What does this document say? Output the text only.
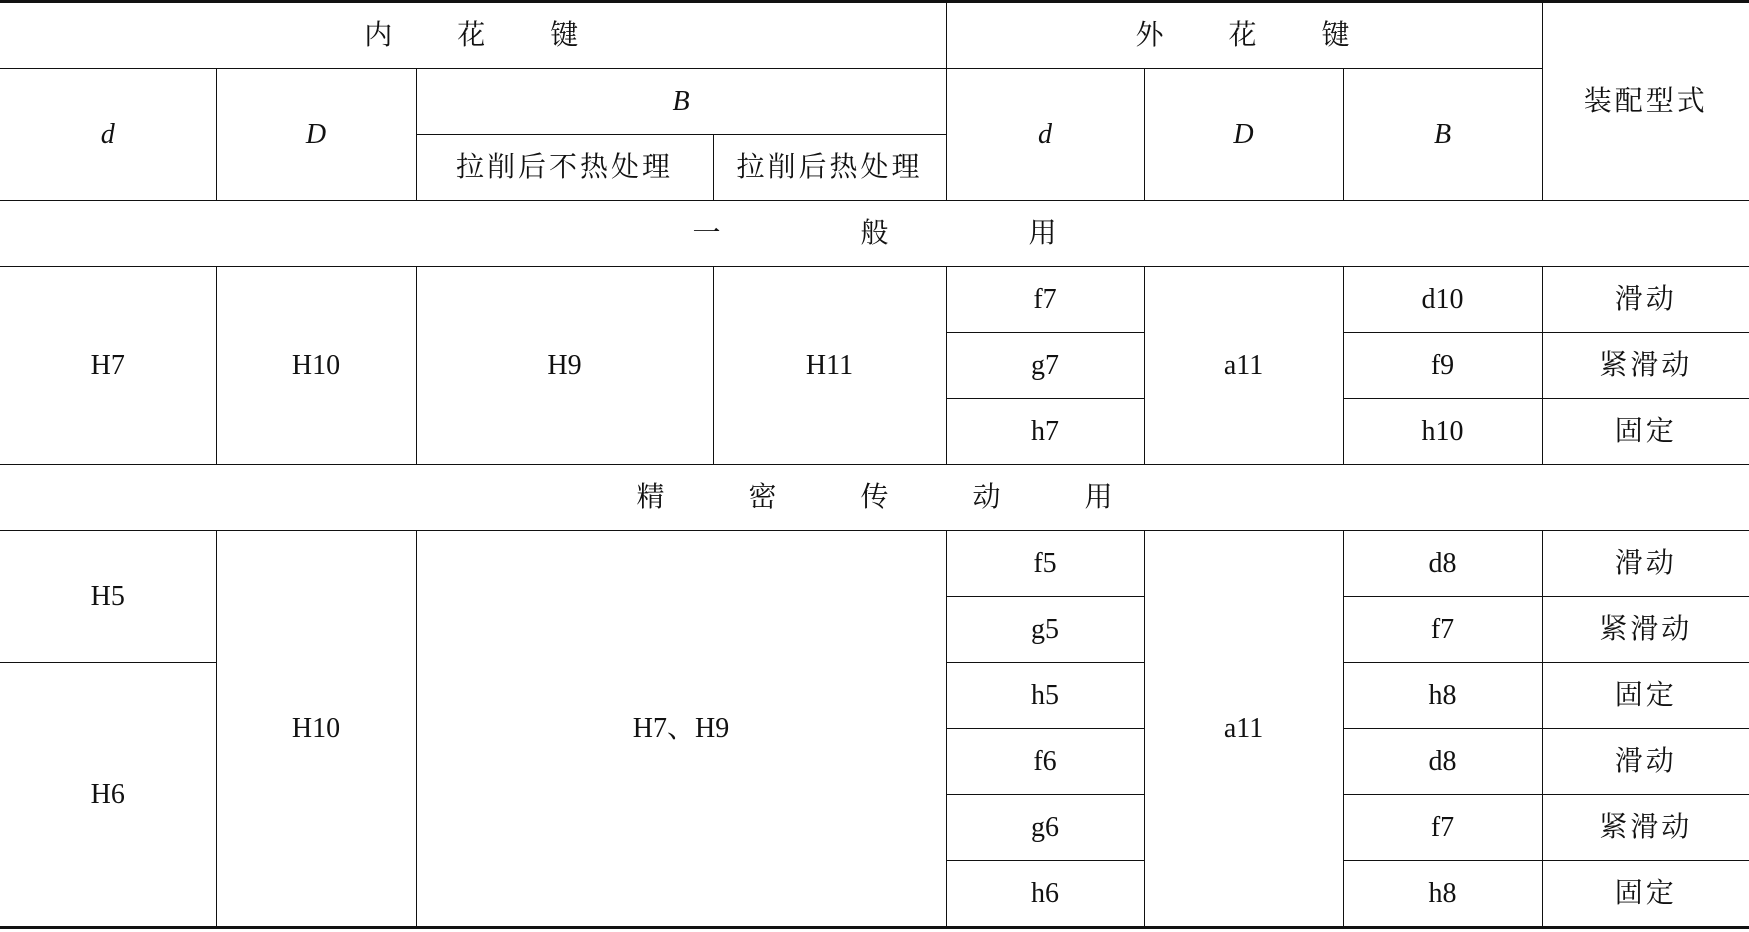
内　　花　　键				外　　花　　键			装配型式
d	D	B		d	D	B	
		拉削后不热处理	拉削后热处理				
一　　　　　般　　　　　用							
H7	H10	H9	H11	f7	a11	d10	滑动
				g7		f9	紧滑动
				h7		h10	固定
精　　　密　　　传　　　动　　　用							
H5	H10	H7、H9		f5	a11	d8	滑动
				g5		f7	紧滑动
H6				h5		h8	固定
				f6		d8	滑动
				g6		f7	紧滑动
				h6		h8	固定
